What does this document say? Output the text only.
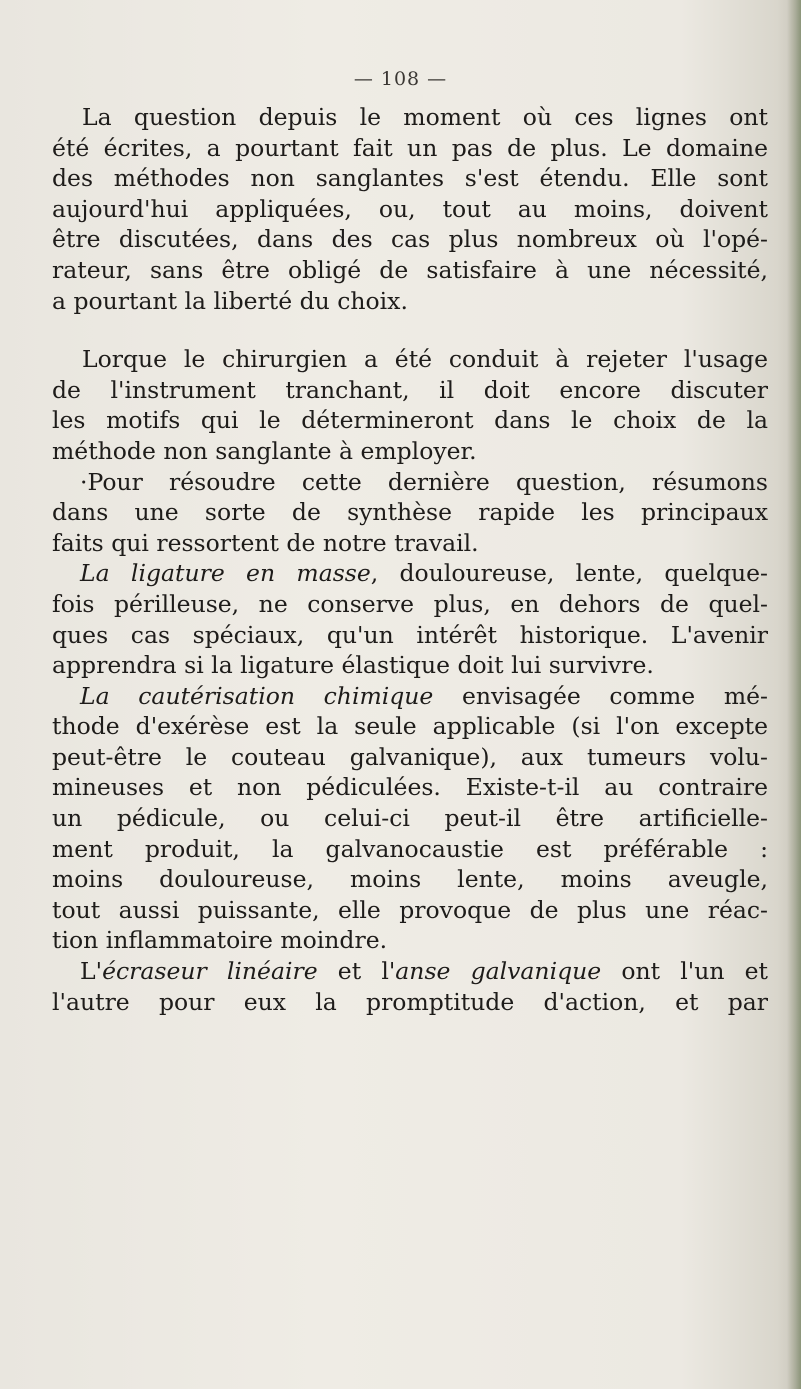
— 108 —
La question depuis le moment où ces lignes ont
été écrites, a pourtant fait un pas de plus. Le domaine
des méthodes non sanglantes s'est étendu. Elle sont
aujourd'hui appliquées, ou, tout au moins, doivent
être discutées, dans des cas plus nombreux où l'opé-
rateur, sans être obligé de satisfaire à une nécessité,
a pourtant la liberté du choix.
Lorque le chirurgien a été conduit à rejeter l'usage
de l'instrument tranchant, il doit encore discuter
les motifs qui le détermineront dans le choix de la
méthode non sanglante à employer.
·Pour résoudre cette dernière question, résumons
dans une sorte de synthèse rapide les principaux
faits qui ressortent de notre travail.
La ligature en masse, douloureuse, lente, quelque-
fois périlleuse, ne conserve plus, en dehors de quel-
ques cas spéciaux, qu'un intérêt historique. L'avenir
apprendra si la ligature élastique doit lui survivre.
La cautérisation chimique envisagée comme mé-
thode d'exérèse est la seule applicable (si l'on excepte
peut-être le couteau galvanique), aux tumeurs volu-
mineuses et non pédiculées. Existe-t-il au contraire
un pédicule, ou celui-ci peut-il être artificielle-
ment produit, la galvanocaustie est préférable :
moins douloureuse, moins lente, moins aveugle,
tout aussi puissante, elle provoque de plus une réac-
tion inflammatoire moindre.
L'écraseur linéaire et l'anse galvanique ont l'un et
l'autre pour eux la promptitude d'action, et par
